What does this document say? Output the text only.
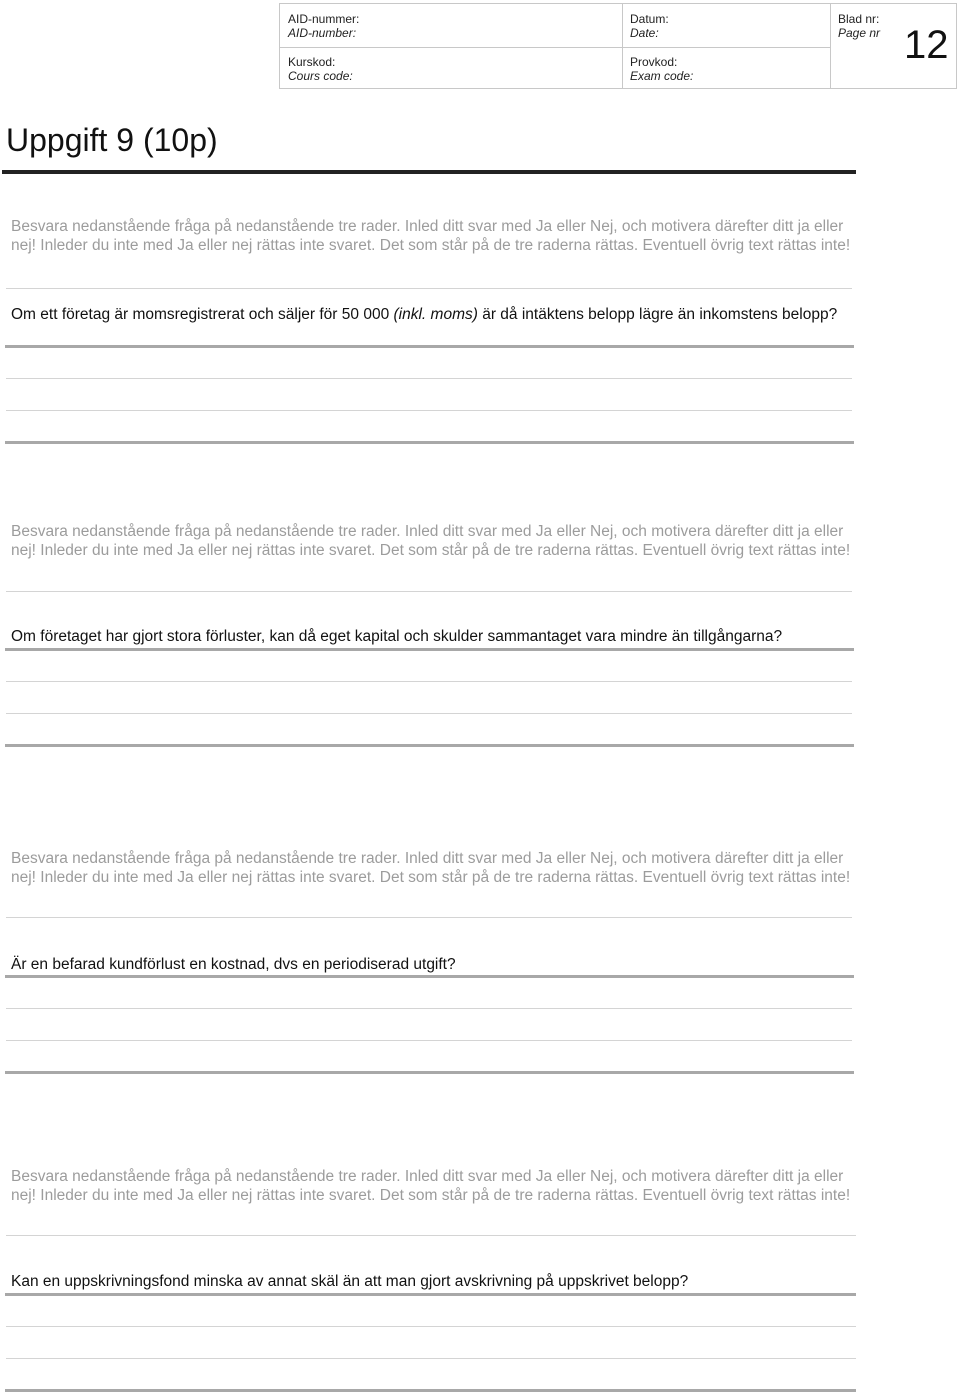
AID-nummer:
AID-number:
Kurskod:
Cours code:
Datum:
Date:
Provkod:
Exam code:
Blad nr:
Page nr 12
Uppgift 9 (10p)
Besvara nedanstående fråga på nedanstående tre rader. Inled ditt svar med Ja eller Nej, och motivera därefter ditt ja eller nej! Inleder du inte med Ja eller nej rättas inte svaret. Det som står på de tre raderna rättas. Eventuell övrig text rättas inte!
Om ett företag är momsregistrerat och säljer för 50 000 (inkl. moms) är då intäktens belopp lägre än inkomstens belopp?
Besvara nedanstående fråga på nedanstående tre rader. Inled ditt svar med Ja eller Nej, och motivera därefter ditt ja eller nej! Inleder du inte med Ja eller nej rättas inte svaret. Det som står på de tre raderna rättas. Eventuell övrig text rättas inte!
Om företaget har gjort stora förluster, kan då eget kapital och skulder sammantaget vara mindre än tillgångarna?
Besvara nedanstående fråga på nedanstående tre rader. Inled ditt svar med Ja eller Nej, och motivera därefter ditt ja eller nej! Inleder du inte med Ja eller nej rättas inte svaret. Det som står på de tre raderna rättas. Eventuell övrig text rättas inte!
Är en befarad kundförlust en kostnad, dvs en periodiserad utgift?
Besvara nedanstående fråga på nedanstående tre rader. Inled ditt svar med Ja eller Nej, och motivera därefter ditt ja eller nej! Inleder du inte med Ja eller nej rättas inte svaret. Det som står på de tre raderna rättas. Eventuell övrig text rättas inte!
Kan en uppskrivningsfond minska av annat skäl än att man gjort avskrivning på uppskrivet belopp?
